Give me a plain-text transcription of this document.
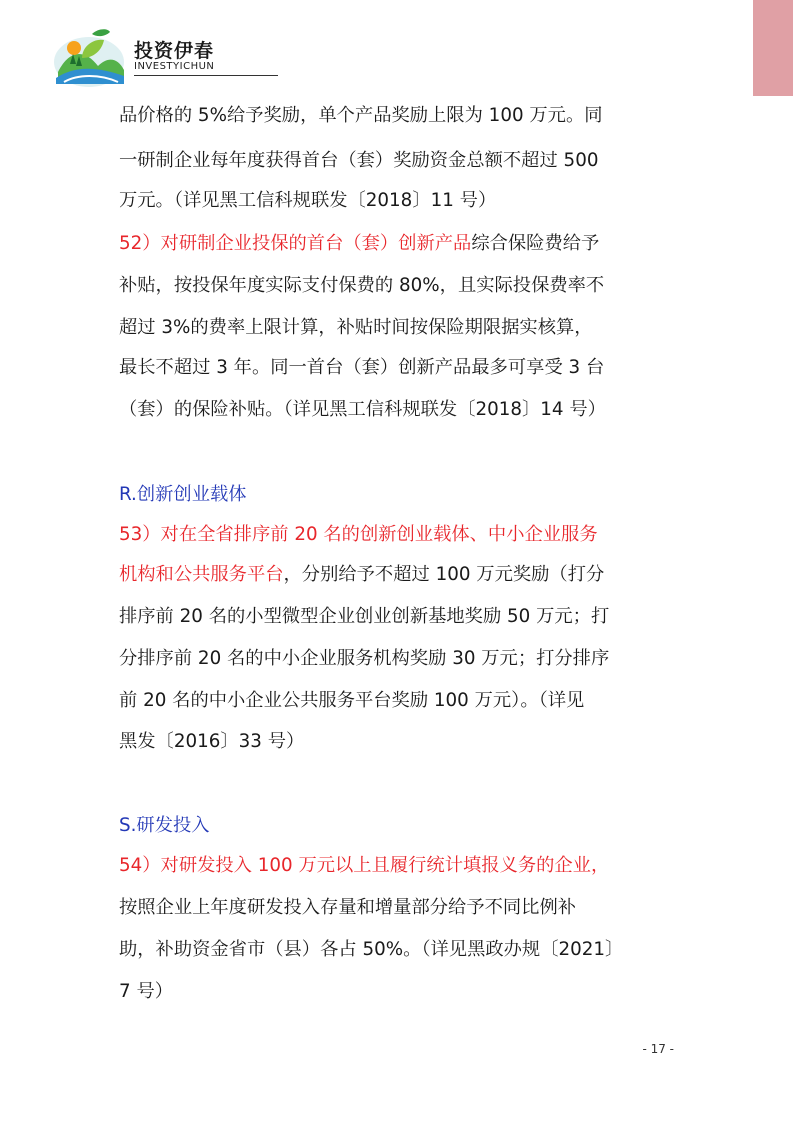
投资伊春
INVESTYICHUN
品价格的 5%给予奖励，单个产品奖励上限为 100 万元。同
一研制企业每年度获得首台（套）奖励资金总额不超过 500
万元。（详见黑工信科规联发〔2018〕11 号）
52）对研制企业投保的首台（套）创新产品综合保险费给予
补贴，按投保年度实际支付保费的 80%，且实际投保费率不
超过 3%的费率上限计算，补贴时间按保险期限据实核算，
最长不超过 3 年。同一首台（套）创新产品最多可享受 3 台
（套）的保险补贴。（详见黑工信科规联发〔2018〕14 号）
R.创新创业载体
53）对在全省排序前 20 名的创新创业载体、中小企业服务
机构和公共服务平台，分别给予不超过 100 万元奖励（打分
排序前 20 名的小型微型企业创业创新基地奖励 50 万元；打
分排序前 20 名的中小企业服务机构奖励 30 万元；打分排序
前 20 名的中小企业公共服务平台奖励 100 万元）。（详见
黑发〔2016〕33 号）
S.研发投入
54）对研发投入 100 万元以上且履行统计填报义务的企业，
按照企业上年度研发投入存量和增量部分给予不同比例补
助，补助资金省市（县）各占 50%。（详见黑政办规〔2021〕
7 号）
- 17 -
